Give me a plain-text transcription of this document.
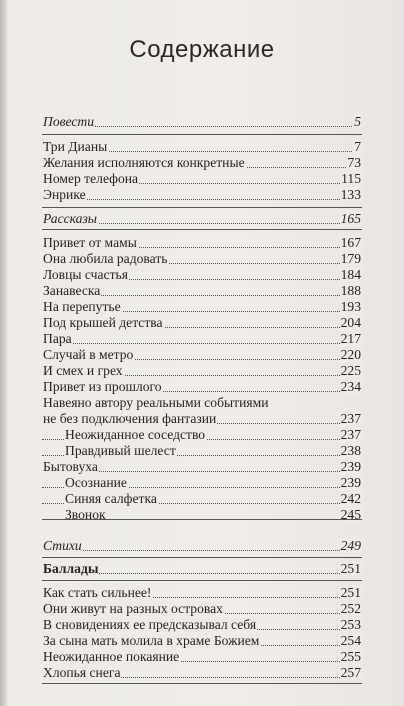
Содержание
Повести	5
Три Дианы	7
Желания исполняются конкретные	73
Номер телефона	115
Энрике	133
Рассказы	165
Привет от мамы	167
Она любила радовать	179
Ловцы счастья	184
Занавеска	188
На перепутье	193
Под крышей детства	204
Пара	217
Случай в метро	220
И смех и грех	225
Привет из прошлого	234
Навеяно автору реальными событиями
не без подключения фантазии	237
Неожиданное соседство	237
Правдивый шелест	238
Бытовуха	239
Осознание	239
Синяя салфетка	242
Звонок	245
Стихи	249
Баллады	251
Как стать сильнее!	251
Они живут на разных островах	252
В сновидениях ее предсказывал себя	253
За сына мать молила в храме Божием	254
Неожиданное покаяние	255
Хлопья снега	257
